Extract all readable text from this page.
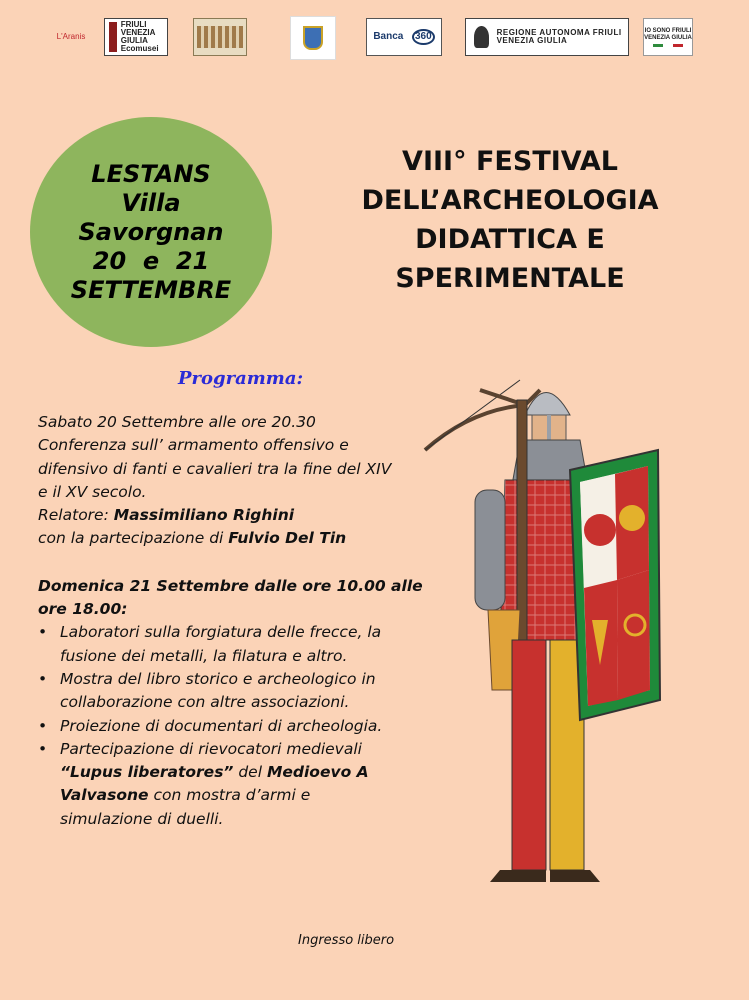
L'Aranis
FRIULI VENEZIA GIULIA Ecomusei
Banca	360	REGIONE AUTONOMA FRIULI VENEZIA GIULIA
IO SONO FRIULI VENEZIA GIULIA
LESTANS
Villa
Savorgnan
20  e  21
SETTEMBRE
VIII° FESTIVAL
DELL’ARCHEOLOGIA
DIDATTICA E SPERIMENTALE
Programma:

Sabato 20 Settembre alle ore 20.30

Conferenza sull’ armamento offensivo e

difensivo di fanti e cavalieri tra la fine del XIV

e il XV secolo.

Relatore: Massimiliano Righini

con la partecipazione di Fulvio Del Tin

Domenica 21 Settembre dalle ore 10.00 alle

ore 18.00:

• Laboratori sulla forgiatura delle frecce, la
fusione dei metalli, la filatura e altro.
• Mostra del libro storico e archeologico in
collaborazione con altre associazioni.
• Proiezione di documentari di archeologia.
• Partecipazione di rievocatori medievali
“Lupus liberatores” del Medioevo A
Valvasone con mostra d’armi e
simulazione di duelli.
Ingresso libero
